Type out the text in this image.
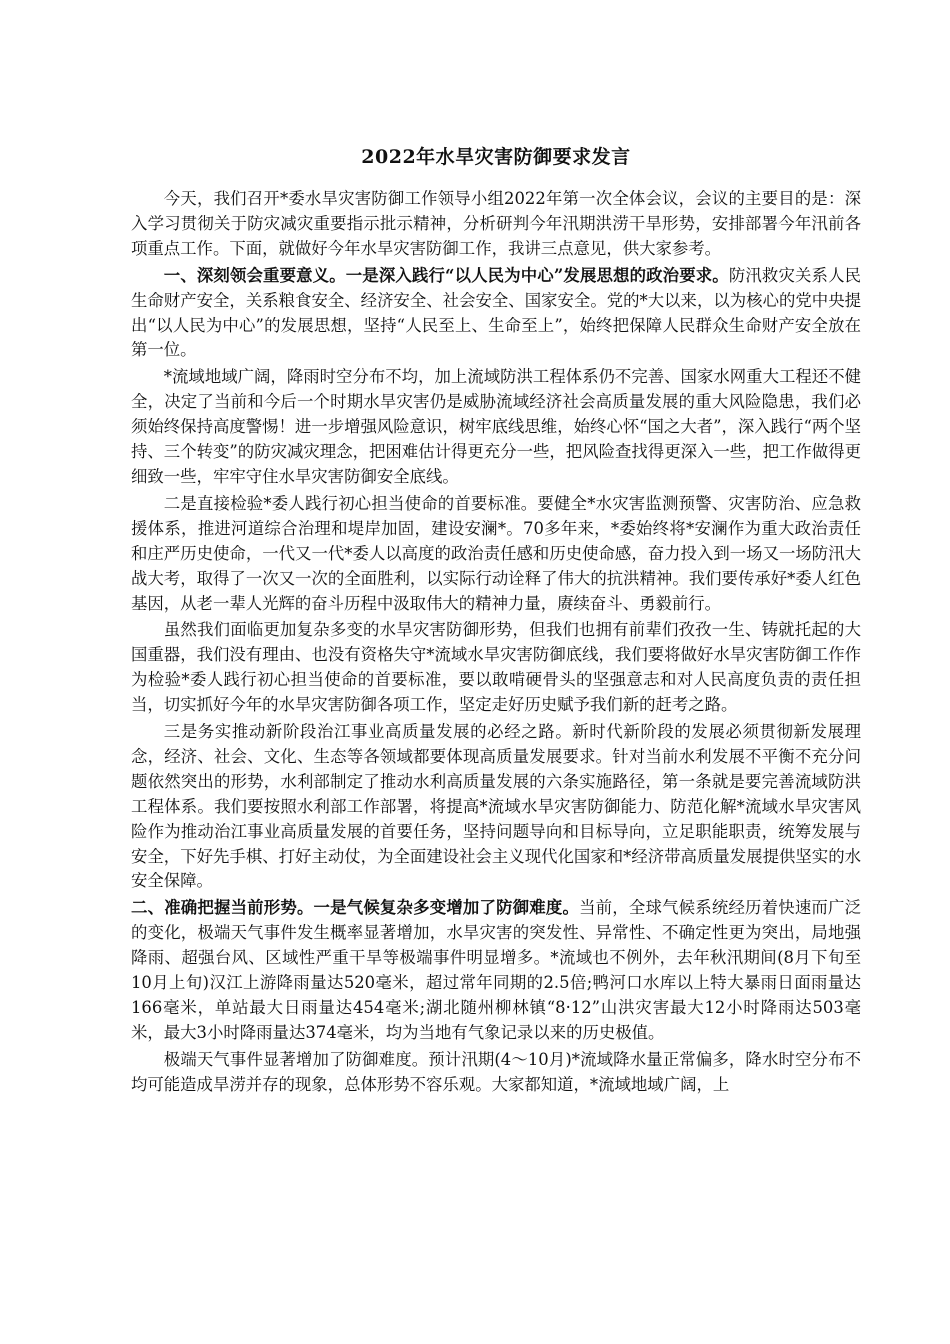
2022年水旱灾害防御要求发言

今天，我们召开*委水旱灾害防御工作领导小组2022年第一次全体会议，会议的主要目的是：深入学习贯彻关于防灾减灾重要指示批示精神，分析研判今年汛期洪涝干旱形势，安排部署今年汛前各项重点工作。下面，就做好今年水旱灾害防御工作，我讲三点意见，供大家参考。

一、深刻领会重要意义。一是深入践行“以人民为中心”发展思想的政治要求。防汛救灾关系人民生命财产安全，关系粮食安全、经济安全、社会安全、国家安全。党的*大以来，以为核心的党中央提出“以人民为中心”的发展思想，坚持“人民至上、生命至上”，始终把保障人民群众生命财产安全放在第一位。

*流域地域广阔，降雨时空分布不均，加上流域防洪工程体系仍不完善、国家水网重大工程还不健全，决定了当前和今后一个时期水旱灾害仍是威胁流域经济社会高质量发展的重大风险隐患，我们必须始终保持高度警惕！进一步增强风险意识，树牢底线思维，始终心怀“国之大者”，深入践行“两个坚持、三个转变”的防灾减灾理念，把困难估计得更充分一些，把风险查找得更深入一些，把工作做得更细致一些，牢牢守住水旱灾害防御安全底线。

二是直接检验*委人践行初心担当使命的首要标准。要健全*水灾害监测预警、灾害防治、应急救援体系，推进河道综合治理和堤岸加固，建设安澜*。70多年来，*委始终将*安澜作为重大政治责任和庄严历史使命，一代又一代*委人以高度的政治责任感和历史使命感，奋力投入到一场又一场防汛大战大考，取得了一次又一次的全面胜利，以实际行动诠释了伟大的抗洪精神。我们要传承好*委人红色基因，从老一辈人光辉的奋斗历程中汲取伟大的精神力量，赓续奋斗、勇毅前行。

虽然我们面临更加复杂多变的水旱灾害防御形势，但我们也拥有前辈们孜孜一生、铸就托起的大国重器，我们没有理由、也没有资格失守*流域水旱灾害防御底线，我们要将做好水旱灾害防御工作作为检验*委人践行初心担当使命的首要标准，要以敢啃硬骨头的坚强意志和对人民高度负责的责任担当，切实抓好今年的水旱灾害防御各项工作，坚定走好历史赋予我们新的赶考之路。

三是务实推动新阶段治江事业高质量发展的必经之路。新时代新阶段的发展必须贯彻新发展理念，经济、社会、文化、生态等各领域都要体现高质量发展要求。针对当前水利发展不平衡不充分问题依然突出的形势，水利部制定了推动水利高质量发展的六条实施路径，第一条就是要完善流域防洪工程体系。我们要按照水利部工作部署，将提高*流域水旱灾害防御能力、防范化解*流域水旱灾害风险作为推动治江事业高质量发展的首要任务，坚持问题导向和目标导向，立足职能职责，统筹发展与安全，下好先手棋、打好主动仗，为全面建设社会主义现代化国家和*经济带高质量发展提供坚实的水安全保障。

二、准确把握当前形势。一是气候复杂多变增加了防御难度。当前，全球气候系统经历着快速而广泛的变化，极端天气事件发生概率显著增加，水旱灾害的突发性、异常性、不确定性更为突出，局地强降雨、超强台风、区域性严重干旱等极端事件明显增多。*流域也不例外，去年秋汛期间(8月下旬至10月上旬)汉江上游降雨量达520毫米，超过常年同期的2.5倍;鸭河口水库以上特大暴雨日面雨量达166毫米，单站最大日雨量达454毫米;湖北随州柳林镇“8·12”山洪灾害最大12小时降雨达503毫米，最大3小时降雨量达374毫米，均为当地有气象记录以来的历史极值。

极端天气事件显著增加了防御难度。预计汛期(4～10月)*流域降水量正常偏多，降水时空分布不均可能造成旱涝并存的现象，总体形势不容乐观。大家都知道，*流域地域广阔，上
